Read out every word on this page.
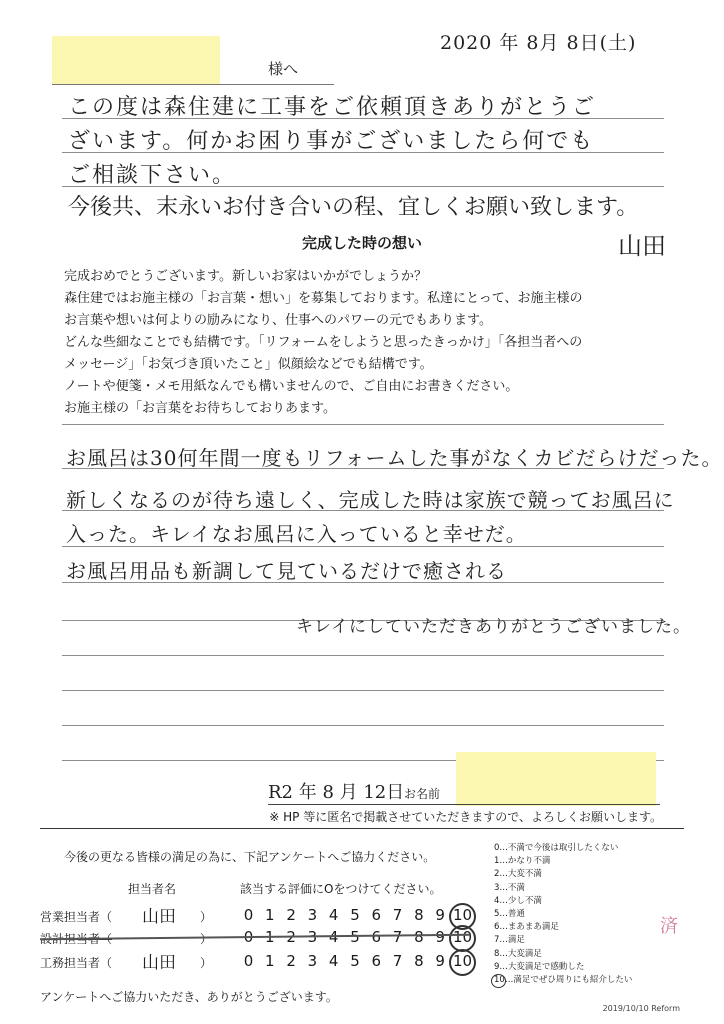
2020 年 8月 8日(土)
様へ
この度は森住建に工事をご依頼頂きありがとうご
ざいます。何かお困り事がございましたら何でも
ご相談下さい。
今後共、末永いお付き合いの程、宜しくお願い致します。
山田
完成した時の想い
完成おめでとうございます。新しいお家はいかがでしょうか？
森住建ではお施主様の「お言葉・想い」を募集しております。私達にとって、お施主様の
お言葉や想いは何よりの励みになり、仕事へのパワーの元でもあります。
どんな些細なことでも結構です。「リフォームをしようと思ったきっかけ」「各担当者への
メッセージ」「お気づき頂いたこと」似顔絵などでも結構です。
ノートや便箋・メモ用紙なんでも構いませんので、ご自由にお書きください。
お施主様の「お言葉をお待ちしておりあます。
お風呂は30何年間一度もリフォームした事がなくカビだらけだった。
新しくなるのが待ち遠しく、完成した時は家族で競ってお風呂に
入った。キレイなお風呂に入っていると幸せだ。
お風呂用品も新調して見ているだけで癒される
キレイにしていただきありがとうございました。
R2 年 8 月 12日 お名前
※ HP 等に匿名で掲載させていただきますので、よろしくお願いします。
今後の更なる皆様の満足の為に、下記アンケートへご協力ください。
担当者名	該当する評価にOをつけてください。
営業担当者（ 山田 ） 0 1 2 3 4 5 6 7 8 9 10
設計担当者（	） 0 1 2 3 4 5 6 7 8 9 10
工務担当者（ 山田 ） 0 1 2 3 4 5 6 7 8 9 10
アンケートへご協力いただき、ありがとうございます。
0…不満で今後は取引したくない
1…かなり不満
2…大変不満
3…不満
4…少し不満
5…普通
6…まあまあ満足
7…満足
8…大変満足
9…大変満足で感動した
10…満足でぜひ周りにも紹介したい
済
2019/10/10 Reform
